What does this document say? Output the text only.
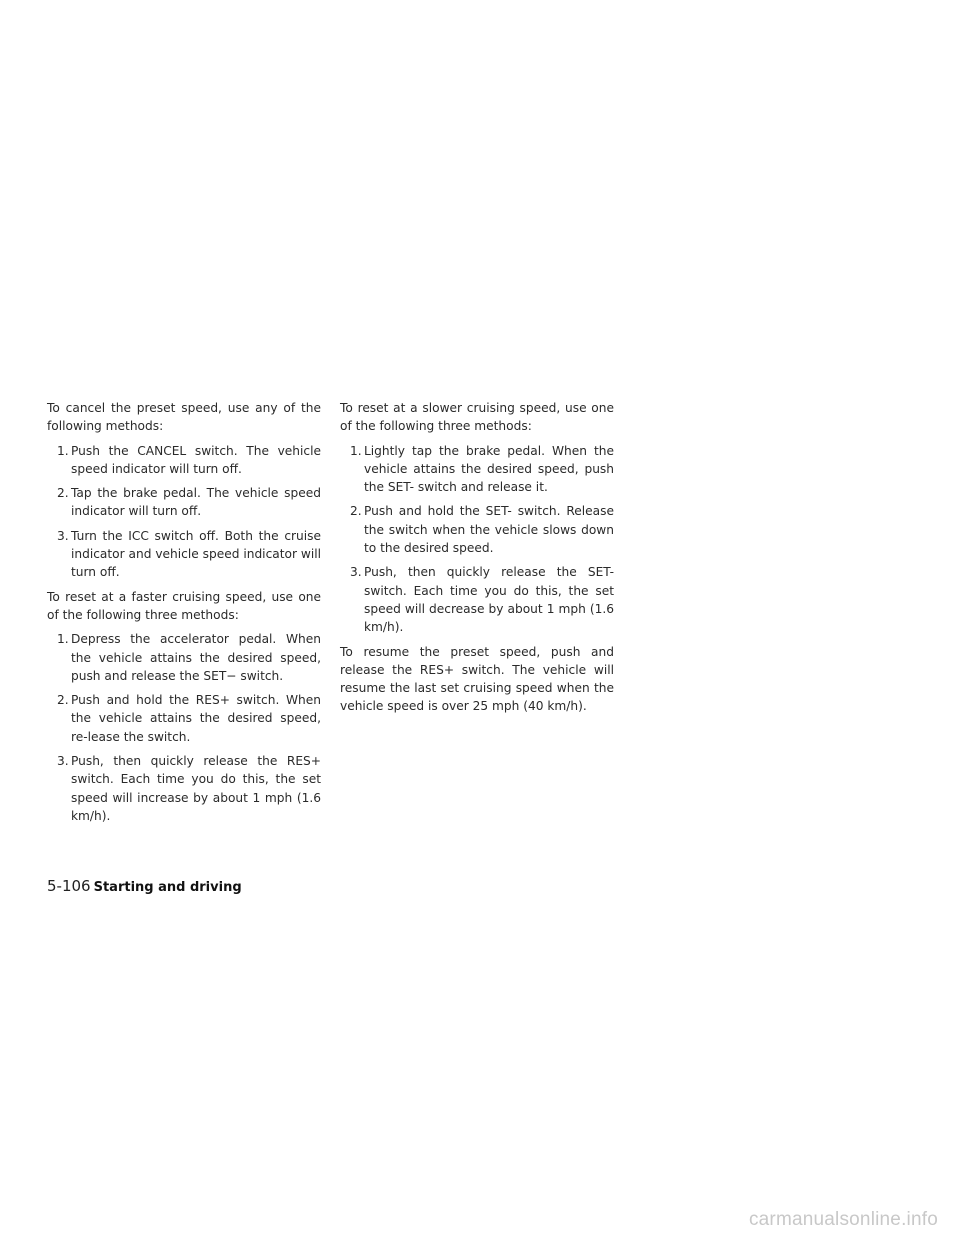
To cancel the preset speed, use any of the following methods:

1. Push the CANCEL switch. The vehicle speed indicator will turn off.
2. Tap the brake pedal. The vehicle speed indicator will turn off.
3. Turn the ICC switch off. Both the cruise indicator and vehicle speed indicator will turn off.

To reset at a faster cruising speed, use one of the following three methods:

1. Depress the accelerator pedal. When the vehicle attains the desired speed, push and release the SET− switch.
2. Push and hold the RES+ switch. When the vehicle attains the desired speed, re-lease the switch.
3. Push, then quickly release the RES+ switch. Each time you do this, the set speed will increase by about 1 mph (1.6 km/h).

To reset at a slower cruising speed, use one of the following three methods:

1. Lightly tap the brake pedal. When the vehicle attains the desired speed, push the SET- switch and release it.
2. Push and hold the SET- switch. Release the switch when the vehicle slows down to the desired speed.
3. Push, then quickly release the SET- switch. Each time you do this, the set speed will decrease by about 1 mph (1.6 km/h).

To resume the preset speed, push and release the RES+ switch. The vehicle will resume the last set cruising speed when the vehicle speed is over 25 mph (40 km/h).

5-106 Starting and driving
carmanualsonline.info
